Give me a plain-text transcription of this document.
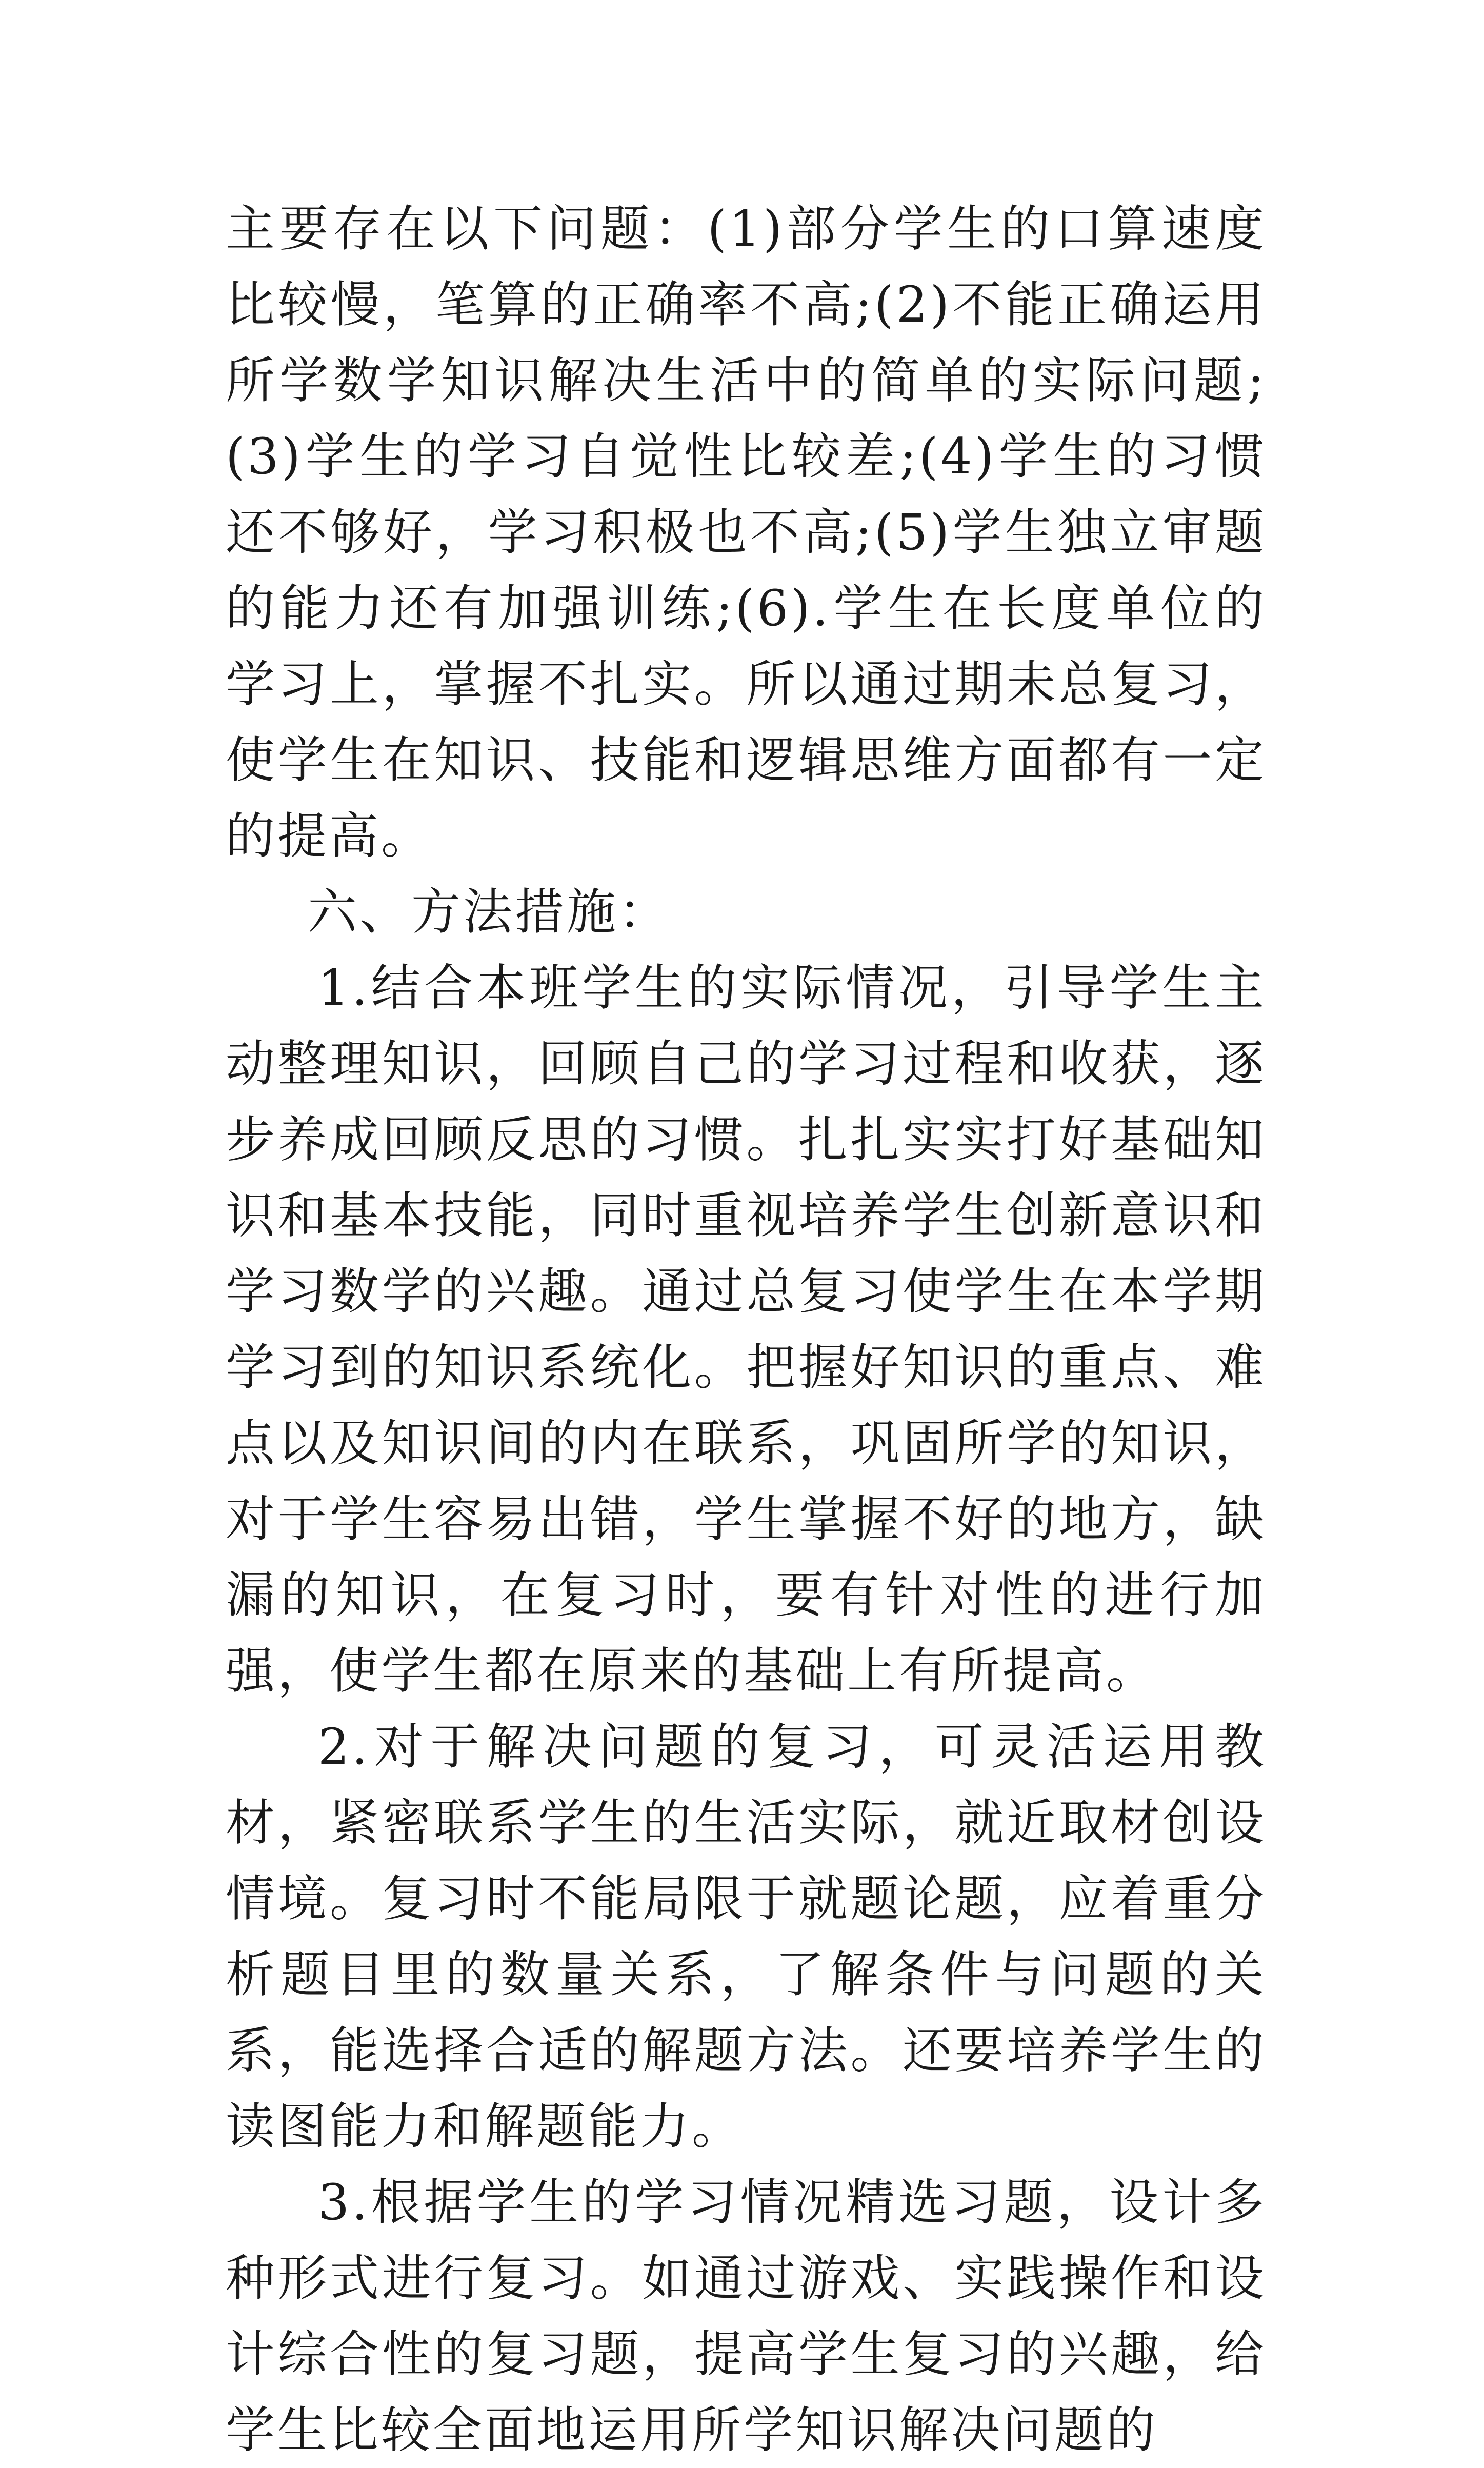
主要存在以下问题：(1)部分学生的口算速度比较慢，笔算的正确率不高;(2)不能正确运用所学数学知识解决生活中的简单的实际问题;(3)学生的学习自觉性比较差;(4)学生的习惯还不够好，学习积极也不高;(5)学生独立审题的能力还有加强训练;(6).学生在长度单位的学习上，掌握不扎实。所以通过期未总复习，使学生在知识、技能和逻辑思维方面都有一定的提高。

六、方法措施：

1.结合本班学生的实际情况，引导学生主动整理知识，回顾自己的学习过程和收获，逐步养成回顾反思的习惯。扎扎实实打好基础知识和基本技能，同时重视培养学生创新意识和学习数学的兴趣。通过总复习使学生在本学期学习到的知识系统化。把握好知识的重点、难点以及知识间的内在联系，巩固所学的知识，对于学生容易出错，学生掌握不好的地方，缺漏的知识，在复习时，要有针对性的进行加强，使学生都在原来的基础上有所提高。

2.对于解决问题的复习，可灵活运用教材，紧密联系学生的生活实际，就近取材创设情境。复习时不能局限于就题论题，应着重分析题目里的数量关系，了解条件与问题的关系，能选择合适的解题方法。还要培养学生的读图能力和解题能力。

3.根据学生的学习情况精选习题，设计多种形式进行复习。如通过游戏、实践操作和设计综合性的复习题，提高学生复习的兴趣，给学生比较全面地运用所学知识解决问题的
